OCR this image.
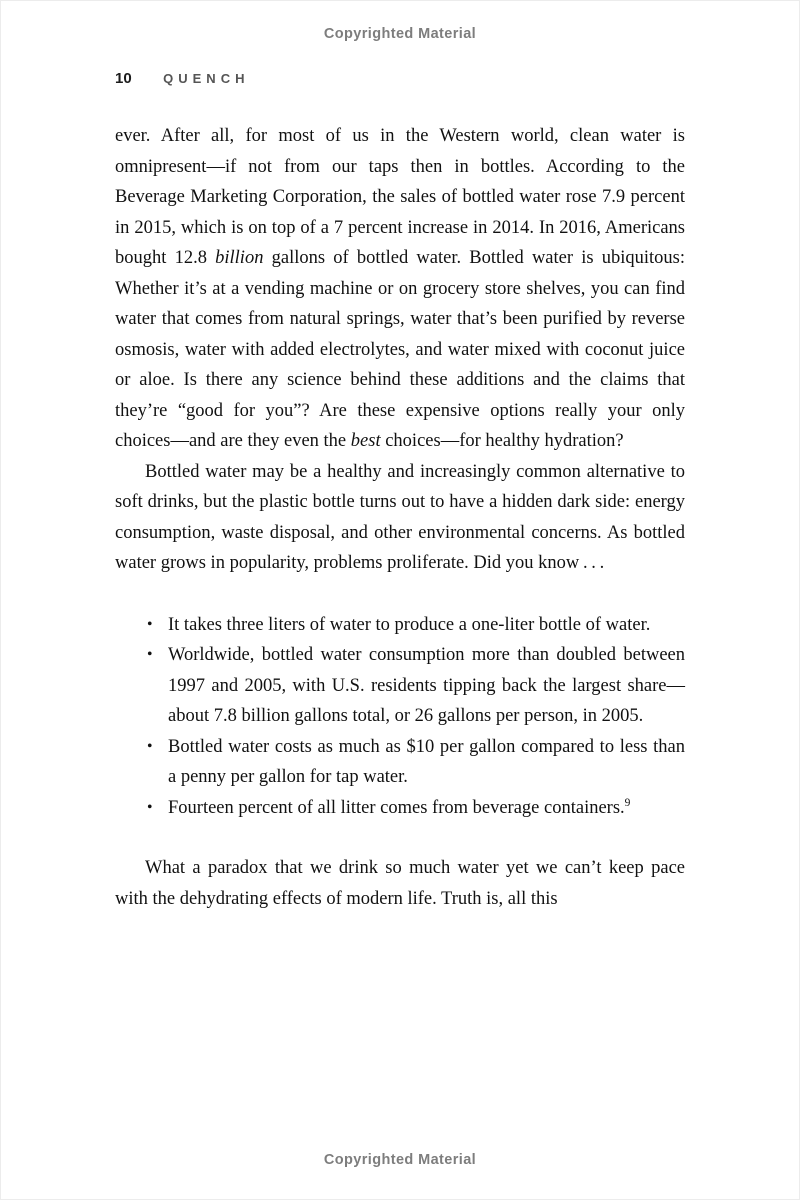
Copyrighted Material
10 QUENCH

ever. After all, for most of us in the Western world, clean water is omnipresent—if not from our taps then in bottles. According to the Beverage Marketing Corporation, the sales of bottled water rose 7.9 percent in 2015, which is on top of a 7 percent increase in 2014. In 2016, Americans bought 12.8 billion gallons of bottled water. Bottled water is ubiquitous: Whether it’s at a vending machine or on grocery store shelves, you can find water that comes from natural springs, water that’s been purified by reverse osmosis, water with added electrolytes, and water mixed with coconut juice or aloe. Is there any science behind these additions and the claims that they’re “good for you”? Are these expensive options really your only choices—and are they even the best choices—for healthy hydration?

Bottled water may be a healthy and increasingly common alternative to soft drinks, but the plastic bottle turns out to have a hidden dark side: energy consumption, waste disposal, and other environmental concerns. As bottled water grows in popularity, problems proliferate. Did you know . . .

• It takes three liters of water to produce a one-liter bottle of water.
• Worldwide, bottled water consumption more than doubled between 1997 and 2005, with U.S. residents tipping back the largest share—about 7.8 billion gallons total, or 26 gallons per person, in 2005.
• Bottled water costs as much as $10 per gallon compared to less than a penny per gallon for tap water.
• Fourteen percent of all litter comes from beverage containers.$^9$

What a paradox that we drink so much water yet we can’t keep pace with the dehydrating effects of modern life. Truth is, all this

Copyrighted Material
